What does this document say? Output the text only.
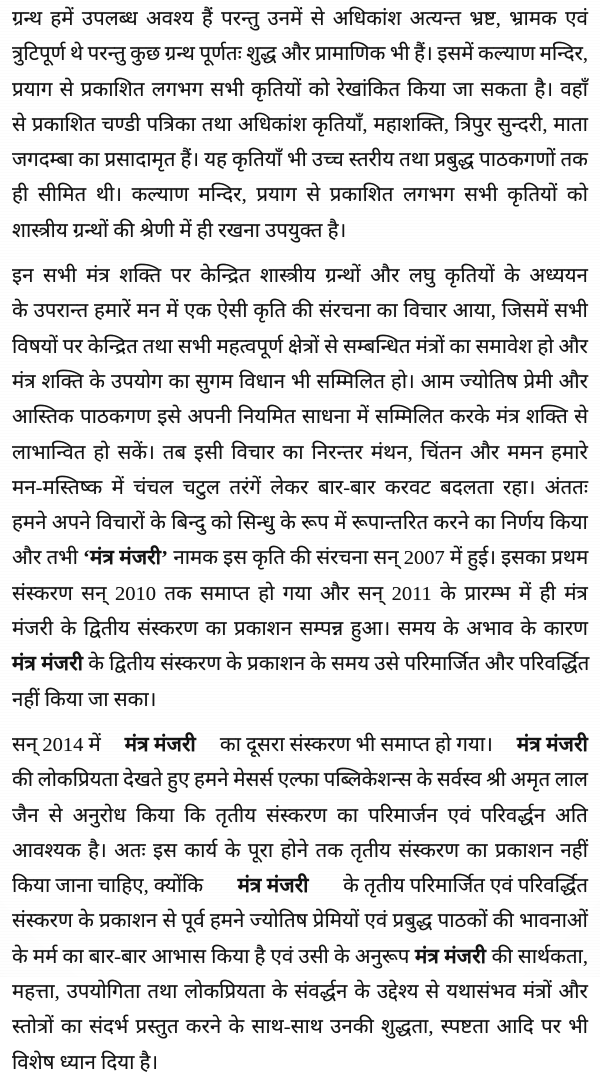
ग्रन्थ हमें उपलब्ध अवश्य हैं परन्तु उनमें से अधिकांश अत्यन्त भ्रष्ट, भ्रामक एवं
त्रुटिपूर्ण थे परन्तु कुछ ग्रन्थ पूर्णतः शुद्ध और प्रामाणिक भी हैं। इसमें कल्याण मन्दिर,
प्रयाग से प्रकाशित लगभग सभी कृतियों को रेखांकित किया जा सकता है। वहाँ
से प्रकाशित चण्डी पत्रिका तथा अधिकांश कृतियाँ, महाशक्ति, त्रिपुर सुन्दरी, माता
जगदम्बा का प्रसादामृत हैं। यह कृतियाँ भी उच्च स्तरीय तथा प्रबुद्ध पाठकगणों तक
ही सीमित थी। कल्याण मन्दिर, प्रयाग से प्रकाशित लगभग सभी कृतियों को
शास्त्रीय ग्रन्थों की श्रेणी में ही रखना उपयुक्त है।
इन सभी मंत्र शक्ति पर केन्द्रित शास्त्रीय ग्रन्थों और लघु कृतियों के अध्ययन
के उपरान्त हमारें मन में एक ऐसी कृति की संरचना का विचार आया, जिसमें सभी
विषयों पर केन्द्रित तथा सभी महत्वपूर्ण क्षेत्रों से सम्बन्धित मंत्रों का समावेश हो और
मंत्र शक्ति के उपयोग का सुगम विधान भी सम्मिलित हो। आम ज्योतिष प्रेमी और
आस्तिक पाठकगण इसे अपनी नियमित साधना में सम्मिलित करके मंत्र शक्ति से
लाभान्वित हो सकें। तब इसी विचार का निरन्तर मंथन, चिंतन और ममन हमारे
मन-मस्तिष्क में चंचल चटुल तरंगें लेकर बार-बार करवट बदलता रहा। अंततः
हमने अपने विचारों के बिन्दु को सिन्धु के रूप में रूपान्तरित करने का निर्णय किया
और तभी ‘मंत्र मंजरी’ नामक इस कृति की संरचना सन् 2007 में हुई। इसका प्रथम
संस्करण सन् 2010 तक समाप्त हो गया और सन् 2011 के प्रारम्भ में ही मंत्र
मंजरी के द्वितीय संस्करण का प्रकाशन सम्पन्न हुआ। समय के अभाव के कारण
मंत्र मंजरी के द्वितीय संस्करण के प्रकाशन के समय उसे परिमार्जित और परिवर्द्धित
नहीं किया जा सका।
सन् 2014 में मंत्र मंजरी का दूसरा संस्करण भी समाप्त हो गया। मंत्र मंजरी
की लोकप्रियता देखते हुए हमने मेसर्स एल्फा पब्लिकेशन्स के सर्वस्व श्री अमृत लाल
जैन से अनुरोध किया कि तृतीय संस्करण का परिमार्जन एवं परिवर्द्धन अति
आवश्यक है। अतः इस कार्य के पूरा होने तक तृतीय संस्करण का प्रकाशन नहीं
किया जाना चाहिए, क्योंकि मंत्र मंजरी के तृतीय परिमार्जित एवं परिवर्द्धित
संस्करण के प्रकाशन से पूर्व हमने ज्योतिष प्रेमियों एवं प्रबुद्ध पाठकों की भावनाओं
के मर्म का बार-बार आभास किया है एवं उसी के अनुरूप मंत्र मंजरी की सार्थकता,
महत्ता, उपयोगिता तथा लोकप्रियता के संवर्द्धन के उद्देश्य से यथासंभव मंत्रों और
स्तोत्रों का संदर्भ प्रस्तुत करने के साथ-साथ उनकी शुद्धता, स्पष्टता आदि पर भी
विशेष ध्यान दिया है।
